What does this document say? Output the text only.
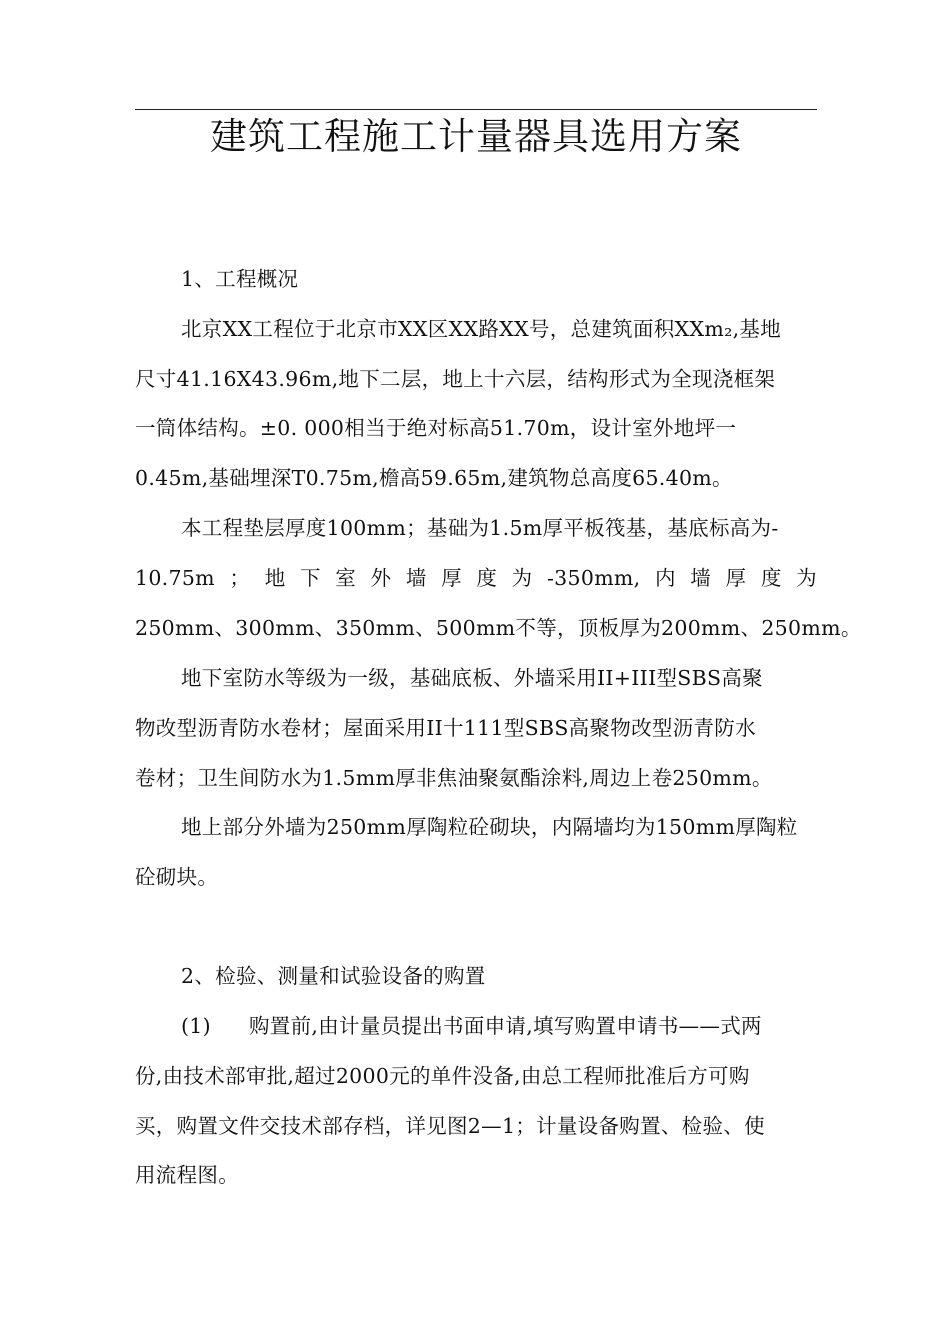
建筑工程施工计量器具选用方案
1、工程概况
北京XX工程位于北京市XX区XX路XX号，总建筑面积XXm₂,基地
尺寸41.16X43.96m,地下二层，地上十六层，结构形式为全现浇框架
一筒体结构。±0. 000相当于绝对标高51.70m，设计室外地坪一
0.45m,基础埋深T0.75m,檐高59.65m,建筑物总高度65.40m。
本工程垫层厚度100mm；基础为1.5m厚平板筏基，基底标高为-
10.75m ； 地 下 室 外 墙 厚 度 为 -350mm, 内 墙 厚 度 为
250mm、300mm、350mm、500mm不等，顶板厚为200mm、250mm。
地下室防水等级为一级，基础底板、外墙采用II+III型SBS高聚
物改型沥青防水卷材；屋面采用II十111型SBS高聚物改型沥青防水
卷材；卫生间防水为1.5mm厚非焦油聚氨酯涂料,周边上卷250mm。
地上部分外墙为250mm厚陶粒砼砌块，内隔墙均为150mm厚陶粒
砼砌块。
2、检验、测量和试验设备的购置
(1) 购置前,由计量员提出书面申请,填写购置申请书——式两
份,由技术部审批,超过2000元的单件没备,由总工程师批准后方可购
买，购置文件交技术部存档，详见图2—1；计量设备购置、检验、使
用流程图。
